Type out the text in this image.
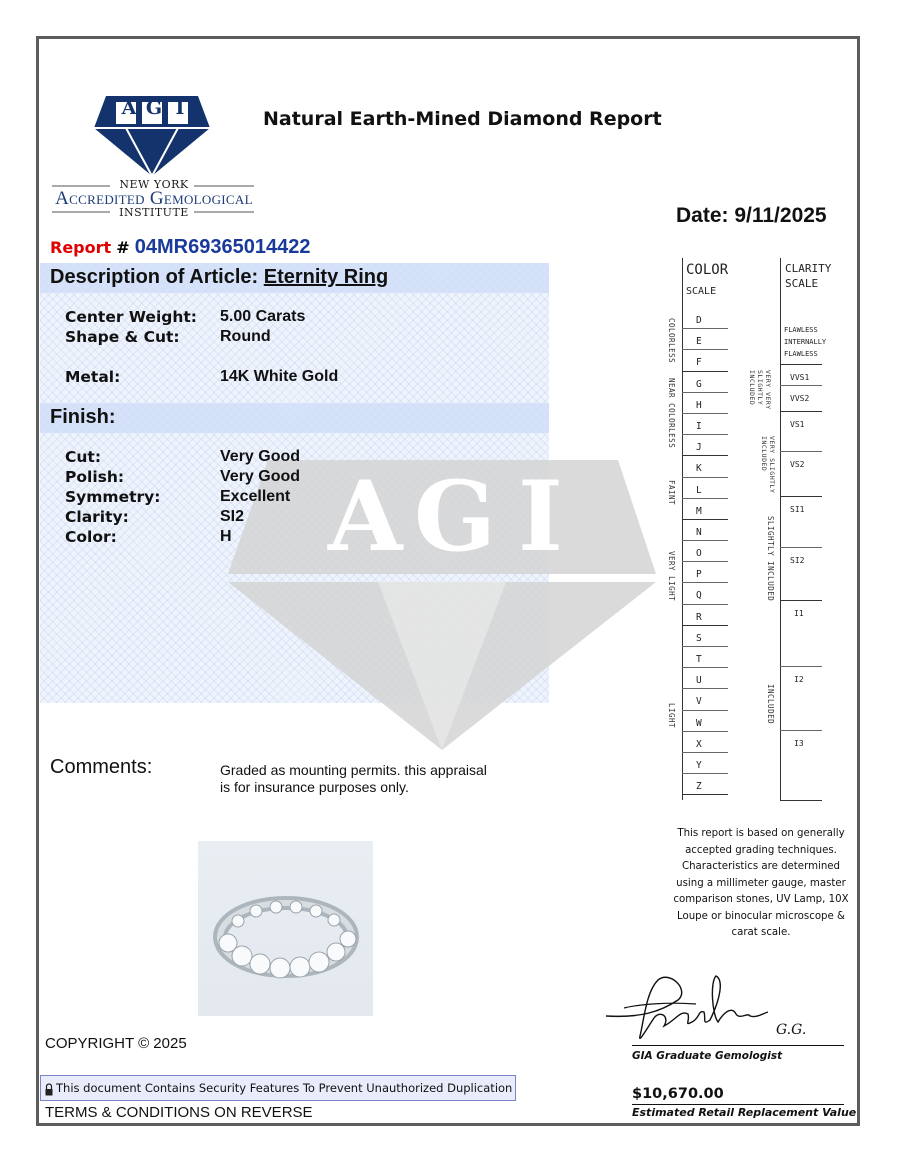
A G I
NEW YORK
Accredited Gemological
INSTITUTE
Natural Earth-Mined Diamond Report
Date: 9/11/2025
Report # 04MR69365014422
A G I
Description of Article: Eternity Ring
Center Weight: 5.00 Carats
Shape & Cut:	Round
Metal:	14K White Gold
Finish:
Cut:	Very Good
Polish:	Very Good
Symmetry:	Excellent
Clarity:	SI2
Color:	H
Comments:	Graded as mounting permits. this appraisal
is for insurance purposes only.
COLOR
SCALE
D
E
F
G
H
I
J
K
L
M
N
O
P
Q
R
S
T
U
V
W
X
Y
Z
COLORLESS
NEAR COLORLESS
FAINT
VERY LIGHT
LIGHT
CLARITY
SCALE
FLAWLESS
INTERNALLY
FLAWLESS
VVS1
VVS2
VS1
VS2
SI1
SI2
I1
I2
I3
VERY VERY SLIGHTLY INCLUDED
VERY SLIGHTLY INCLUDED
SLIGHTLY INCLUDED
INCLUDED
This report is based on generally
accepted grading techniques.
Characteristics are determined
using a millimeter gauge, master
comparison stones, UV Lamp, 10X
Loupe or binocular microscope &
carat scale.
G.G.
GIA Graduate Gemologist
$10,670.00
Estimated Retail Replacement Value
COPYRIGHT © 2025
This document Contains Security Features To Prevent Unauthorized Duplication
TERMS & CONDITIONS ON REVERSE
